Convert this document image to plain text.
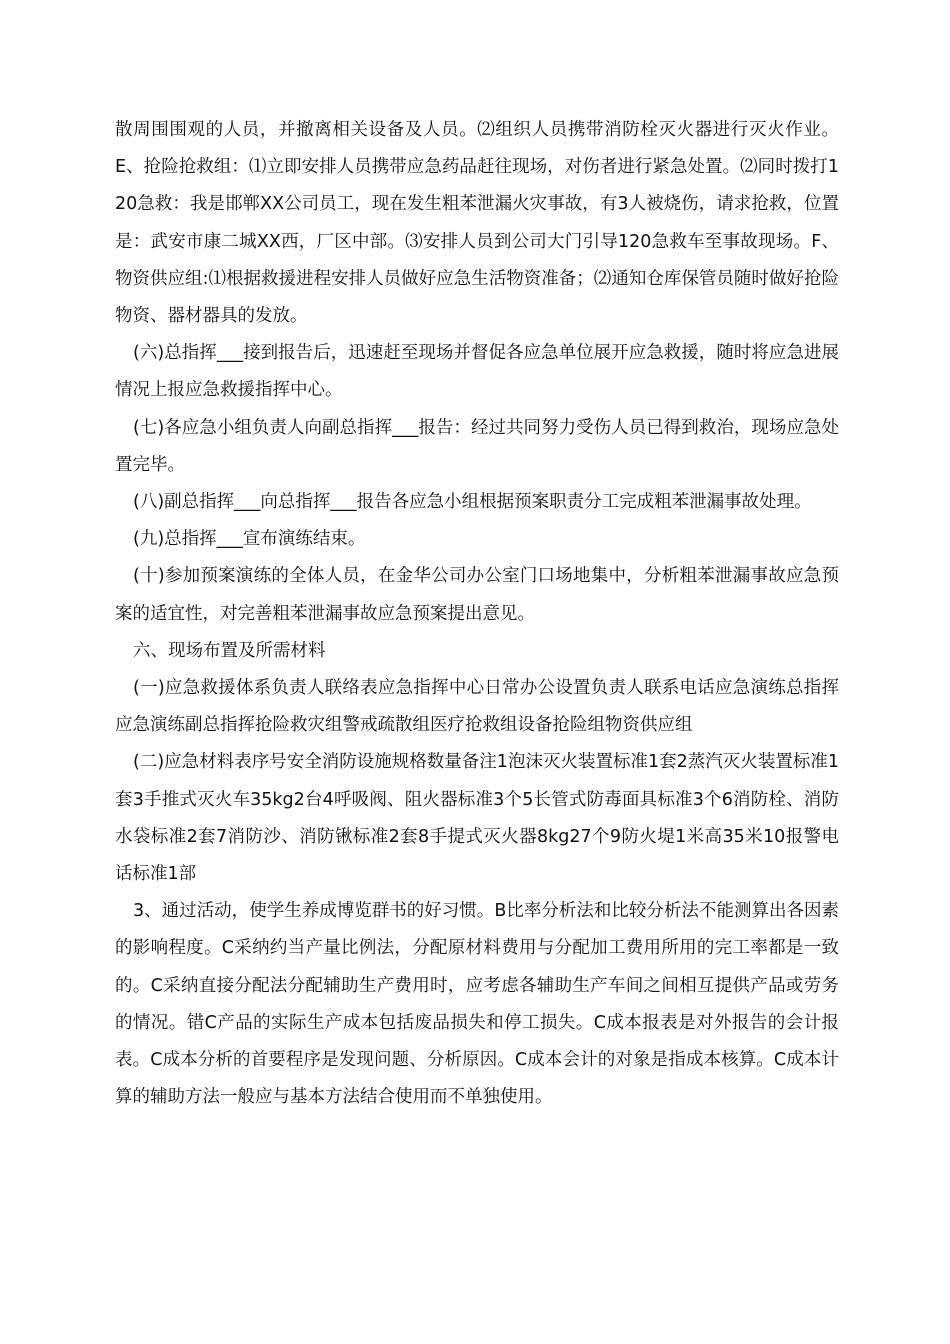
散周围围观的人员，并撤离相关设备及人员。⑵组织人员携带消防栓灭火器进行灭火作业。E、抢险抢救组：⑴立即安排人员携带应急药品赶往现场，对伤者进行紧急处置。⑵同时拨打120急救：我是邯郸XX公司员工，现在发生粗苯泄漏火灾事故，有3人被烧伤，请求抢救，位置是：武安市康二城XX西，厂区中部。⑶安排人员到公司大门引导120急救车至事故现场。F、物资供应组:⑴根据救援进程安排人员做好应急生活物资准备；⑵通知仓库保管员随时做好抢险物资、器材器具的发放。

(六)总指挥___接到报告后，迅速赶至现场并督促各应急单位展开应急救援，随时将应急进展情况上报应急救援指挥中心。

(七)各应急小组负责人向副总指挥___报告：经过共同努力受伤人员已得到救治，现场应急处置完毕。

(八)副总指挥___向总指挥___报告各应急小组根据预案职责分工完成粗苯泄漏事故处理。

(九)总指挥___宣布演练结束。

(十)参加预案演练的全体人员，在金华公司办公室门口场地集中，分析粗苯泄漏事故应急预案的适宜性，对完善粗苯泄漏事故应急预案提出意见。

六、现场布置及所需材料

(一)应急救援体系负责人联络表应急指挥中心日常办公设置负责人联系电话应急演练总指挥应急演练副总指挥抢险救灾组警戒疏散组医疗抢救组设备抢险组物资供应组

(二)应急材料表序号安全消防设施规格数量备注1泡沫灭火装置标准1套2蒸汽灭火装置标准1套3手推式灭火车35kg2台4呼吸阀、阻火器标准3个5长管式防毒面具标准3个6消防栓、消防水袋标准2套7消防沙、消防锹标准2套8手提式灭火器8kg27个9防火堤1米高35米10报警电话标准1部

3、通过活动，使学生养成博览群书的好习惯。B比率分析法和比较分析法不能测算出各因素的影响程度。C采纳约当产量比例法，分配原材料费用与分配加工费用所用的完工率都是一致的。C采纳直接分配法分配辅助生产费用时，应考虑各辅助生产车间之间相互提供产品或劳务的情况。错C产品的实际生产成本包括废品损失和停工损失。C成本报表是对外报告的会计报表。C成本分析的首要程序是发现问题、分析原因。C成本会计的对象是指成本核算。C成本计算的辅助方法一般应与基本方法结合使用而不单独使用。
